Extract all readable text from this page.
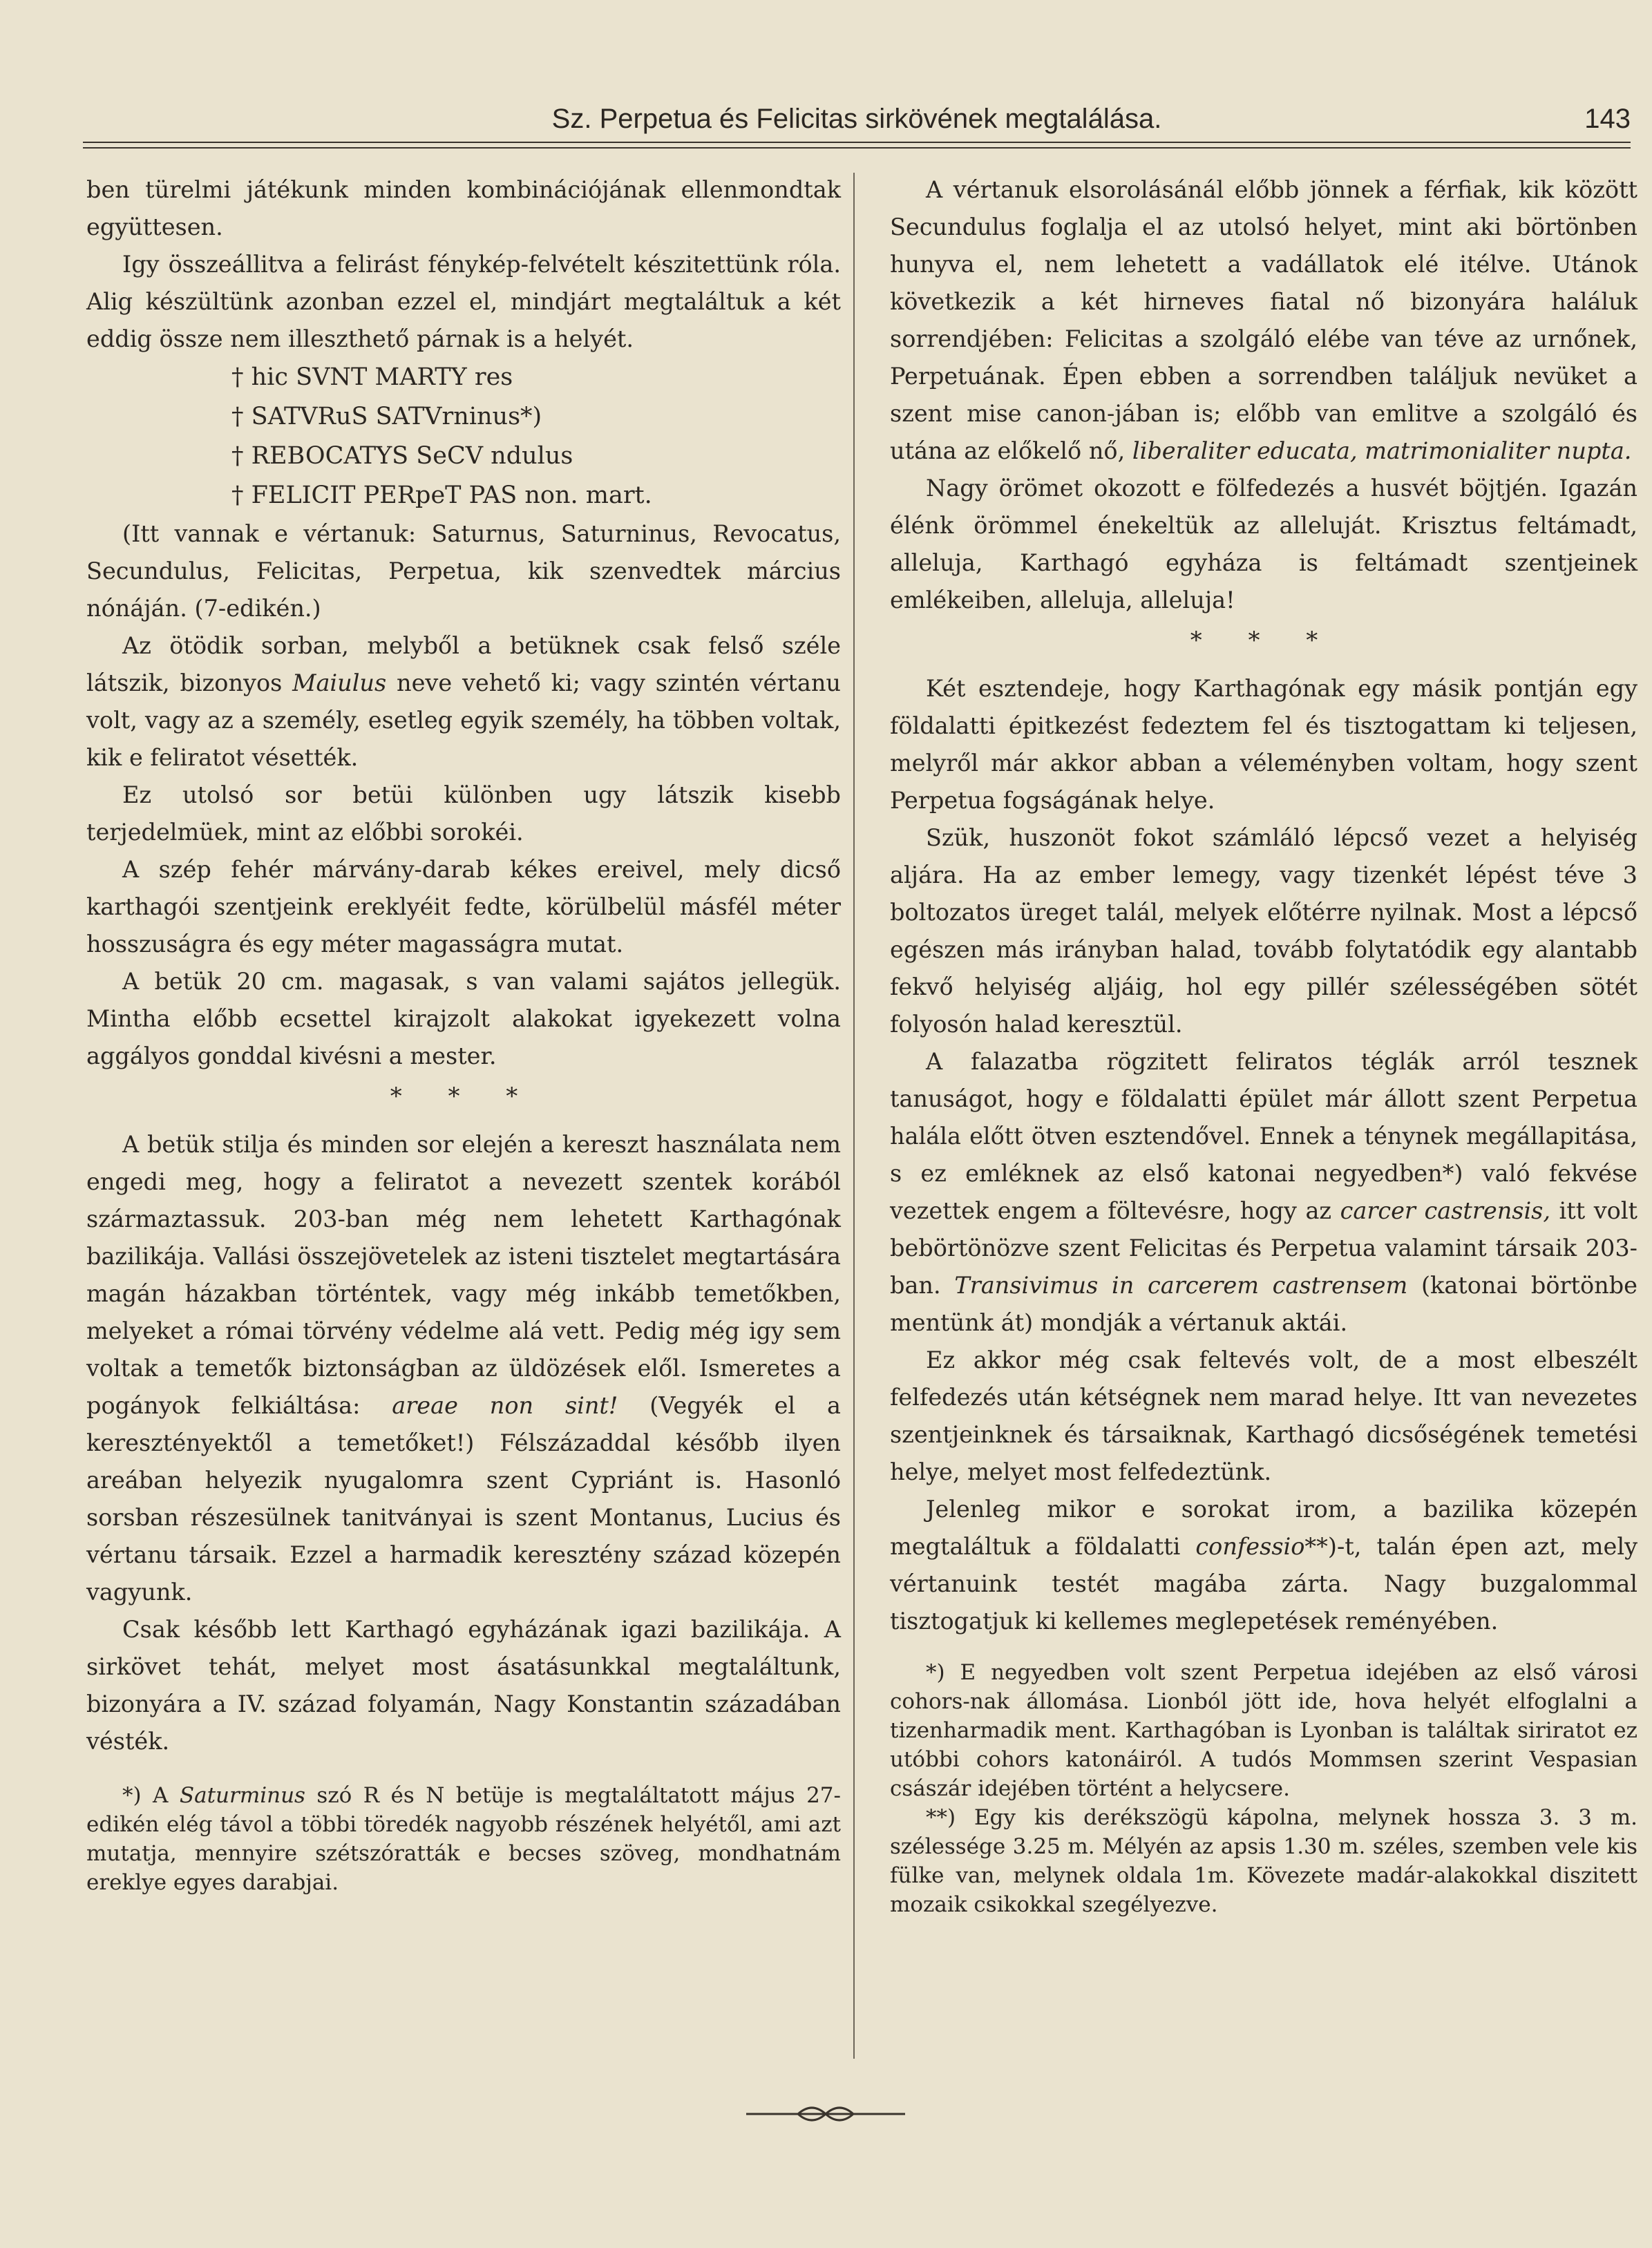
Sz. Perpetua és Felicitas sirkövének megtalálása.	143

ben türelmi játékunk minden kombinációjának ellenmondtak együttesen.

Igy összeállitva a felirást fénykép-felvételt készitettünk róla. Alig készültünk azonban ezzel el, mindjárt megtaláltuk a két eddig össze nem illeszthető párnak is a helyét.

† hic SVNT MARTY res
† SATVRuS SATVrninus*)
† REBOCATYS SeCV ndulus
† FELICIT PERpeT PAS non. mart.

(Itt vannak e vértanuk: Saturnus, Saturninus, Revocatus, Secundulus, Felicitas, Perpetua, kik szenvedtek március nónáján. (7-edikén.)

Az ötödik sorban, melyből a betüknek csak felső széle látszik, bizonyos Maiulus neve vehető ki; vagy szintén vértanu volt, vagy az a személy, esetleg egyik személy, ha többen voltak, kik e feliratot vésették.

Ez utolsó sor betüi különben ugy látszik kisebb terjedelmüek, mint az előbbi sorokéi.

A szép fehér márvány-darab kékes ereivel, mely dicső karthagói szentjeink ereklyéit fedte, körülbelül másfél méter hosszuságra és egy méter magasságra mutat.

A betük 20 cm. magasak, s van valami sajátos jellegük. Mintha előbb ecsettel kirajzolt alakokat igyekezett volna aggályos gonddal kivésni a mester.

* * *

A betük stilja és minden sor elején a kereszt használata nem engedi meg, hogy a feliratot a nevezett szentek korából származtassuk. 203-ban még nem lehetett Karthagónak bazilikája. Vallási összejövetelek az isteni tisztelet megtartására magán házakban történtek, vagy még inkább temetőkben, melyeket a római törvény védelme alá vett. Pedig még igy sem voltak a temetők biztonságban az üldözések elől. Ismeretes a pogányok felkiáltása: areae non sint! (Vegyék el a keresztényektől a temetőket!) Félszázaddal később ilyen areában helyezik nyugalomra szent Cypriánt is. Hasonló sorsban részesülnek tanitványai is szent Montanus, Lucius és vértanu társaik. Ezzel a harmadik keresztény század közepén vagyunk.

Csak később lett Karthagó egyházának igazi bazilikája. A sirkövet tehát, melyet most ásatásunkkal megtaláltunk, bizonyára a IV. század folyamán, Nagy Konstantin századában vésték.

*) A Saturminus szó R és N betüje is megtaláltatott május 27-edikén elég távol a többi töredék nagyobb részének helyétől, ami azt mutatja, mennyire szétszóratták e becses szöveg, mondhatnám ereklye egyes darabjai.

A vértanuk elsorolásánál előbb jönnek a férfiak, kik között Secundulus foglalja el az utolsó helyet, mint aki börtönben hunyva el, nem lehetett a vadállatok elé itélve. Utánok következik a két hirneves fiatal nő bizonyára haláluk sorrendjében: Felicitas a szolgáló elébe van téve az urnőnek, Perpetuának. Épen ebben a sorrendben találjuk nevüket a szent mise canon-jában is; előbb van emlitve a szolgáló és utána az előkelő nő, liberaliter educata, matrimonialiter nupta.

Nagy örömet okozott e fölfedezés a husvét böjtjén. Igazán élénk örömmel énekeltük az alleluját. Krisztus feltámadt, alleluja, Karthagó egyháza is feltámadt szentjeinek emlékeiben, alleluja, alleluja!

* * *

Két esztendeje, hogy Karthagónak egy másik pontján egy földalatti épitkezést fedeztem fel és tisztogattam ki teljesen, melyről már akkor abban a véleményben voltam, hogy szent Perpetua fogságának helye.

Szük, huszonöt fokot számláló lépcső vezet a helyiség aljára. Ha az ember lemegy, vagy tizenkét lépést téve 3 boltozatos üreget talál, melyek előtérre nyilnak. Most a lépcső egészen más irányban halad, tovább folytatódik egy alantabb fekvő helyiség aljáig, hol egy pillér szélességében sötét folyosón halad keresztül.

A falazatba rögzitett feliratos téglák arról tesznek tanuságot, hogy e földalatti épület már állott szent Perpetua halála előtt ötven esztendővel. Ennek a ténynek megállapitása, s ez emléknek az első katonai negyedben*) való fekvése vezettek engem a föltevésre, hogy az carcer castrensis, itt volt bebörtönözve szent Felicitas és Perpetua valamint társaik 203-ban. Transivimus in carcerem castrensem (katonai börtönbe mentünk át) mondják a vértanuk aktái.

Ez akkor még csak feltevés volt, de a most elbeszélt felfedezés után kétségnek nem marad helye. Itt van nevezetes szentjeinknek és társaiknak, Karthagó dicsőségének temetési helye, melyet most felfedeztünk.

Jelenleg mikor e sorokat irom, a bazilika közepén megtaláltuk a földalatti confessio**)-t, talán épen azt, mely vértanuink testét magába zárta. Nagy buzgalommal tisztogatjuk ki kellemes meglepetések reményében.

*) E negyedben volt szent Perpetua idejében az első városi cohors-nak állomása. Lionból jött ide, hova helyét elfoglalni a tizenharmadik ment. Karthagóban is Lyonban is találtak siriratot ez utóbbi cohors katonáiról. A tudós Mommsen szerint Vespasian császár idejében történt a helycsere.

**) Egy kis derékszögü kápolna, melynek hossza 3. 3 m. szélessége 3.25 m. Mélyén az apsis 1.30 m. széles, szemben vele kis fülke van, melynek oldala 1m. Kövezete madár-alakokkal diszitett mozaik csikokkal szegélyezve.
